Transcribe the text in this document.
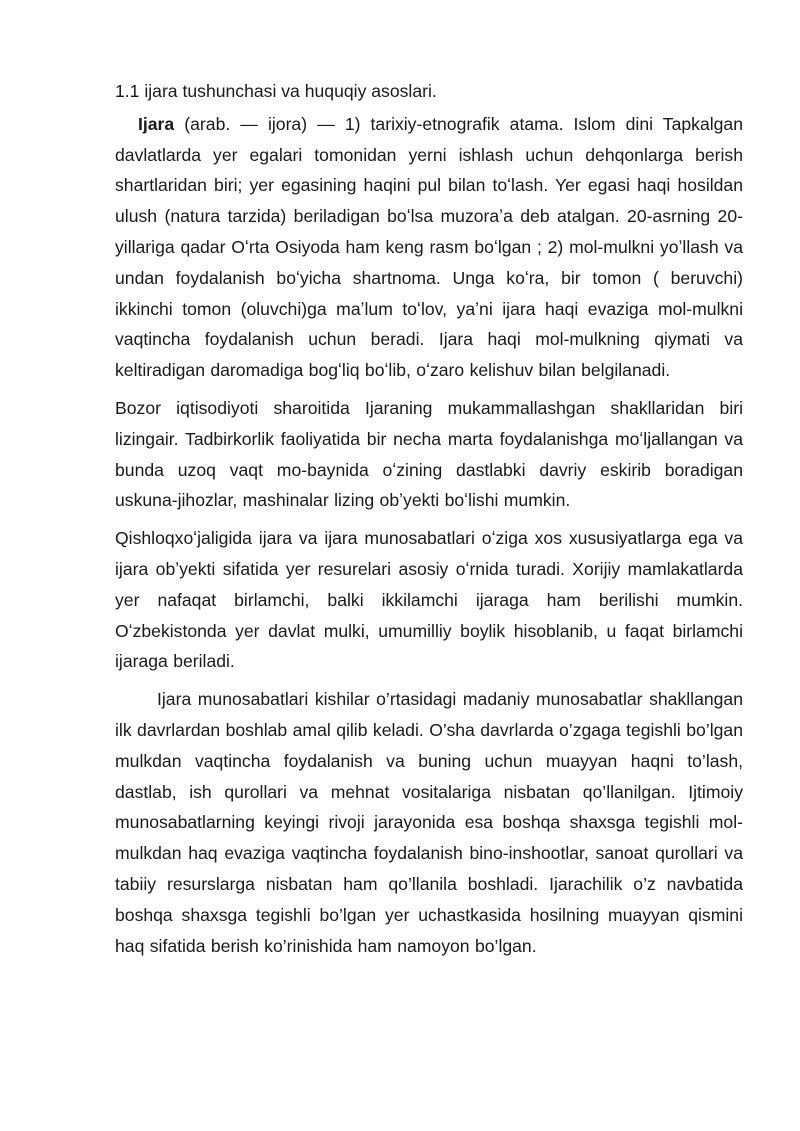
1.1 ijara tushunchasi va huquqiy asoslari.

Ijara (arab. — ijora) — 1) tarixiy-etnografik atama. Islom dini Tapkalgan davlatlarda yer egalari tomonidan yerni ishlash uchun dehqonlarga berish shartlaridan biri; yer egasining haqini pul bilan toʻlash. Yer egasi haqi hosildan ulush (natura tarzida) beriladigan boʻlsa muzoraʼa deb atalgan. 20-asrning 20-yillariga qadar Oʻrta Osiyoda ham keng rasm boʻlgan ; 2) mol-mulkni yoʼllash va undan foydalanish boʻyicha shartnoma. Unga koʻra, bir tomon ( beruvchi) ikkinchi tomon (oluvchi)ga maʼlum toʻlov, yaʼni ijara haqi evaziga mol-mulkni vaqtincha foydalanish uchun beradi. Ijara haqi mol-mulkning qiymati va keltiradigan daromadiga bogʻliq boʻlib, oʻzaro kelishuv bilan belgilanadi.

Bozor iqtisodiyoti sharoitida Ijaraning mukammallashgan shakllaridan biri lizingair. Tadbirkorlik faoliyatida bir necha marta foydalanishga moʻljallangan va bunda uzoq vaqt mo-baynida oʻzining dastlabki davriy eskirib boradigan uskuna-jihozlar, mashinalar lizing obʼyekti boʻlishi mumkin.

Qishloqxoʻjaligida ijara va ijara munosabatlari oʻziga xos xususiyatlarga ega va ijara obʼyekti sifatida yer resurelari asosiy oʻrnida turadi. Xorijiy mamlakatlarda yer nafaqat birlamchi, balki ikkilamchi ijaraga ham berilishi mumkin. Oʻzbekistonda yer davlat mulki, umumilliy boylik hisoblanib, u faqat birlamchi ijaraga beriladi.

Ijara munosabatlari kishilar o’rtasidagi madaniy munosabatlar shakllangan ilk davrlardan boshlab amal qilib keladi. O’sha davrlarda o’zgaga tegishli bo’lgan mulkdan vaqtincha foydalanish va buning uchun muayyan haqni to’lash, dastlab, ish qurollari va mehnat vositalariga nisbatan qo’llanilgan. Ijtimoiy munosabatlarning keyingi rivoji jarayonida esa boshqa shaxsga tegishli mol-mulkdan haq evaziga vaqtincha foydalanish bino-inshootlar, sanoat qurollari va tabiiy resurslarga nisbatan ham qo’llanila boshladi. Ijarachilik o’z navbatida boshqa shaxsga tegishli bo’lgan yer uchastkasida hosilning muayyan qismini haq sifatida berish ko’rinishida ham namoyon bo’lgan.
